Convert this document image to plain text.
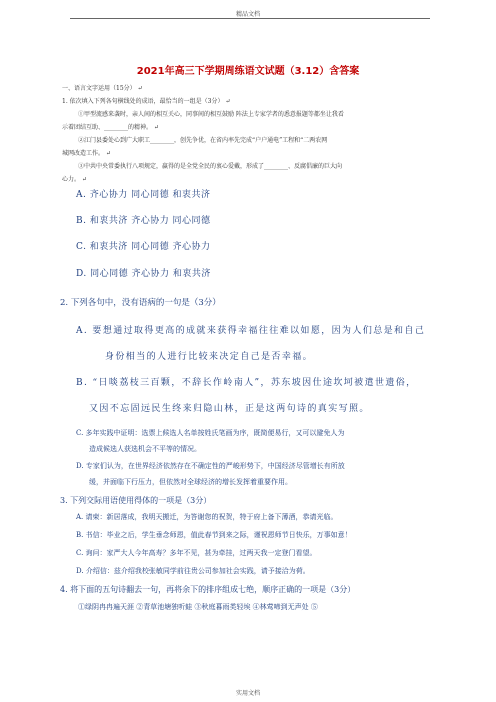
精品文档
2021年高三下学期周练语文试题（3.12）含答案
一、语言文字运用（15分） ↵
1. 依次填入下列各句横线处的成语，最恰当的一组是（3分） ↵
①甲型流感来袭时，亲人间的相互关心，同事间的相互鼓励 阵法上专家学者的悉意报题等都坐让我看
示着团结互助、________的精神。 ↵
②江门县委处心到广大职工________，创先争优，在省内率先完成“户户通电”工程和“二两农网
城网改造工作。 ↵
③中共中央常委执行八项规定，赢得的是全党全民的衷心爱戴，形成了________、反腐倡廉的巨大向
心力。 ↵
A. 齐心协力 同心同德 和衷共济
B. 和衷共济 齐心协力 同心同德
C. 和衷共济 同心同德 齐心协力
D. 同心同德 齐心协力 和衷共济
2. 下列各句中，没有语病的一句是（3分）
A. 要想通过取得更高的成就来获得幸福往往难以如愿，因为人们总是和自己
身份相当的人进行比较来决定自己是否幸福。
B. “日啖荔枝三百颗，不辞长作岭南人”，苏东坡因仕途坎坷被遣世遗俗，
又因不忘固远民生终来归隐山林，正是这两句诗的真实写照。
C. 多年实践中证明：选票上候选人名单按姓氏笔画为序，既简便易行，又可以避免人为
造成候选人获选机会不平等的情况。
D. 专家们认为，在世界经济依然存在不确定性的严峻形势下，中国经济尽管增长有所放
缓，并面临下行压力，但依然对全球经济的增长发挥着重要作用。
3. 下列交际用语使用得体的一项是（3分）
A. 请柬：新居落成，我明天搬迁，为答谢您的祝贺，特于府上备下薄酒，恭请光临。
B. 书信：毕业之后，学生垂念师恩，值此春节到来之际，谨祝恩师节日快乐，万事如意！
C. 询问：家严大人今年高寿？多年不见，甚为牵挂，过两天我一定登门看望。
D. 介绍信：兹介绍我校张敏同学前往贵公司参加社会实践，请予接洽为荷。
4. 将下面的五句诗翻去一句，再将余下的排序组成七绝，顺序正确的一项是（3分）
①绿阴冉冉遍天涯 ②青草池塘独听蛙 ③秋庭暮雨类轻埃 ④林莺啼到无声处 ⑤
实用文档
